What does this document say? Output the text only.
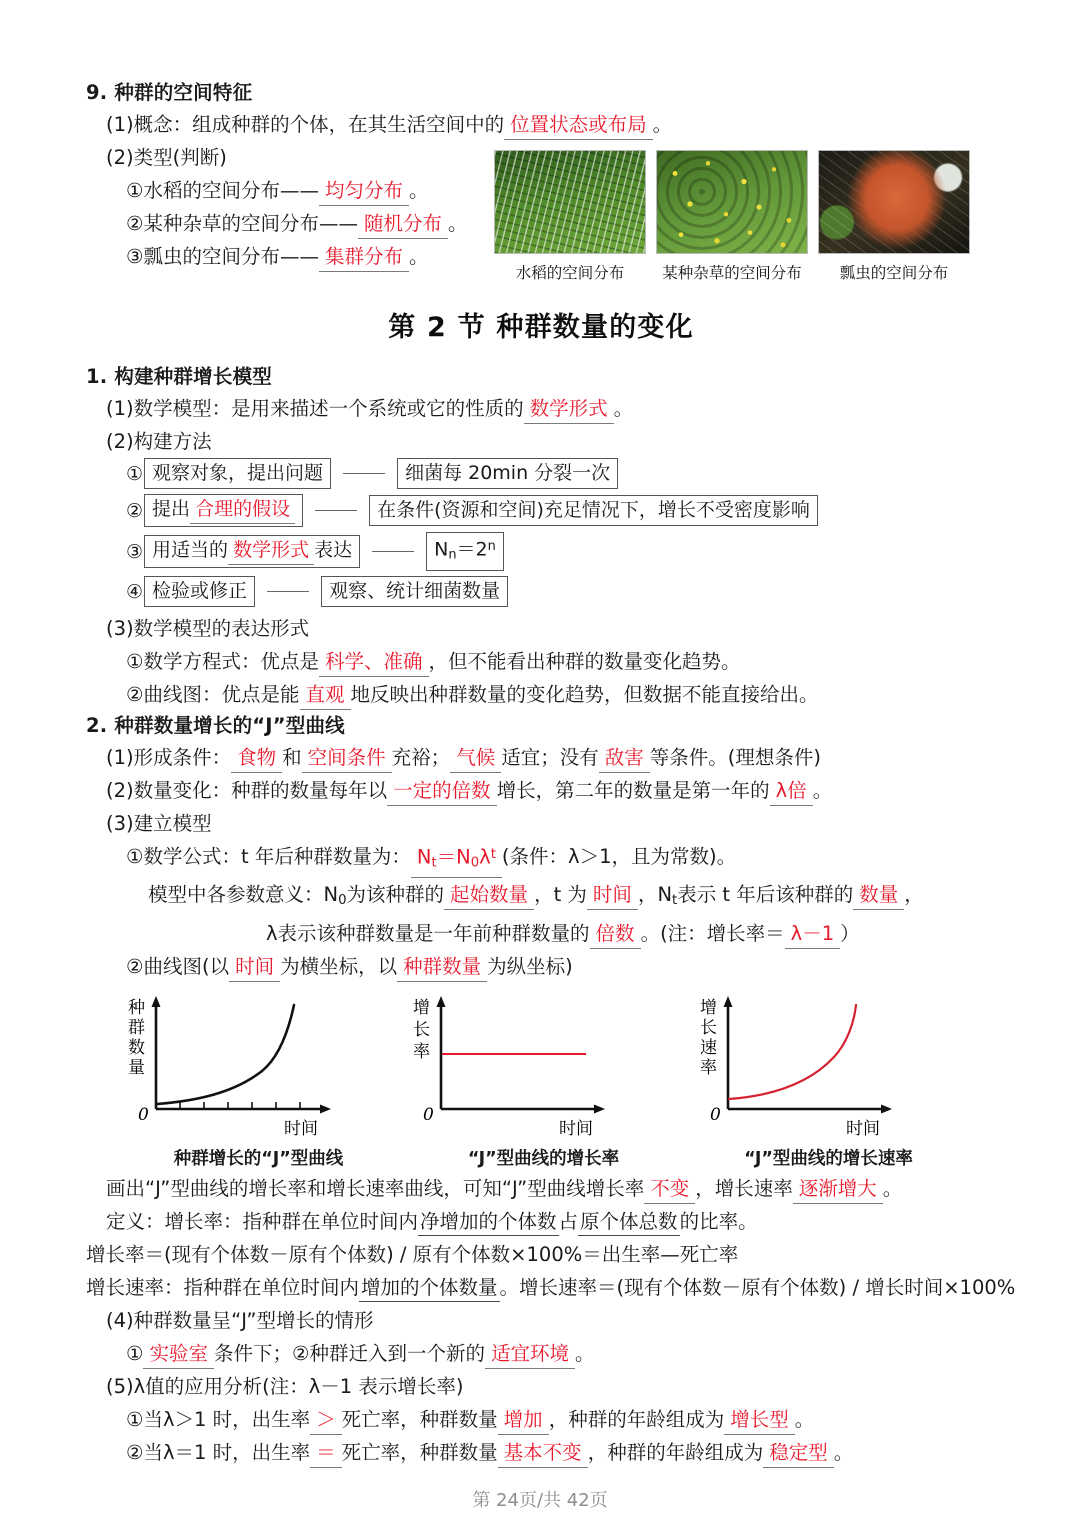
水稻的空间分布	某种杂草的空间分布	瓢虫的空间分布
9. 种群的空间特征
(1)概念：组成种群的个体，在其生活空间中的 位置状态或布局 。
(2)类型(判断)
①水稻的空间分布—— 均匀分布 。
②某种杂草的空间分布—— 随机分布 。
③瓢虫的空间分布—— 集群分布 。
第 2 节 种群数量的变化
1. 构建种群增长模型
(1)数学模型：是用来描述一个系统或它的性质的 数学形式 。
(2)构建方法
① 观察对象，提出问题	细菌每 20min 分裂一次
② 提出 合理的假设	在条件(资源和空间)充足情况下，增长不受密度影响
③ 用适当的 数学形式 表达	$N_n=2^n$
④ 检验或修正	观察、统计细菌数量
(3)数学模型的表达形式
①数学方程式：优点是 科学、准确 ，但不能看出种群的数量变化趋势。
②曲线图：优点是能 直观 地反映出种群数量的变化趋势，但数据不能直接给出。
2. 种群数量增长的“J”型曲线
(1)形成条件： 食物 和 空间条件 充裕； 气候 适宜；没有 敌害 等条件。(理想条件)
(2)数量变化：种群的数量每年以 一定的倍数 增长，第二年的数量是第一年的 λ倍 。
(3)建立模型
①数学公式：t 年后种群数量为： $N_t=N_0\lambda^t$ (条件：λ＞1，且为常数)。
模型中各参数意义：$N_0$为该种群的 起始数量 ，t 为 时间 ，$N_t$表示 t 年后该种群的 数量 ，
λ表示该种群数量是一年前种群数量的 倍数 。(注：增长率＝ λ－1 ）
②曲线图(以 时间 为横坐标，以 种群数量 为纵坐标)
种
群
数
量
0
时间
种群增长的“J”型曲线
增
长
率
0
时间
“J”型曲线的增长率
增
长
速
率
0
时间
“J”型曲线的增长速率
画出“J”型曲线的增长率和增长速率曲线，可知“J”型曲线增长率 不变 ，增长速率 逐渐增大 。
定义：增长率：指种群在单位时间内 净增加的个体数 占 原个体总数 的比率。
增长率＝(现有个体数－原有个体数) / 原有个体数×100%＝出生率—死亡率
增长速率：指种群在单位时间内 增加的个体数量 。增长速率＝(现有个体数－原有个体数) / 增长时间×100%
(4)种群数量呈“J”型增长的情形
① 实验室 条件下；②种群迁入到一个新的 适宜环境 。
(5)λ值的应用分析(注：λ－1 表示增长率)
①当λ＞1 时，出生率 ＞ 死亡率，种群数量 增加 ，种群的年龄组成为 增长型 。
②当λ＝1 时，出生率 ＝ 死亡率，种群数量 基本不变 ，种群的年龄组成为 稳定型 。
第 24页/共 42页
